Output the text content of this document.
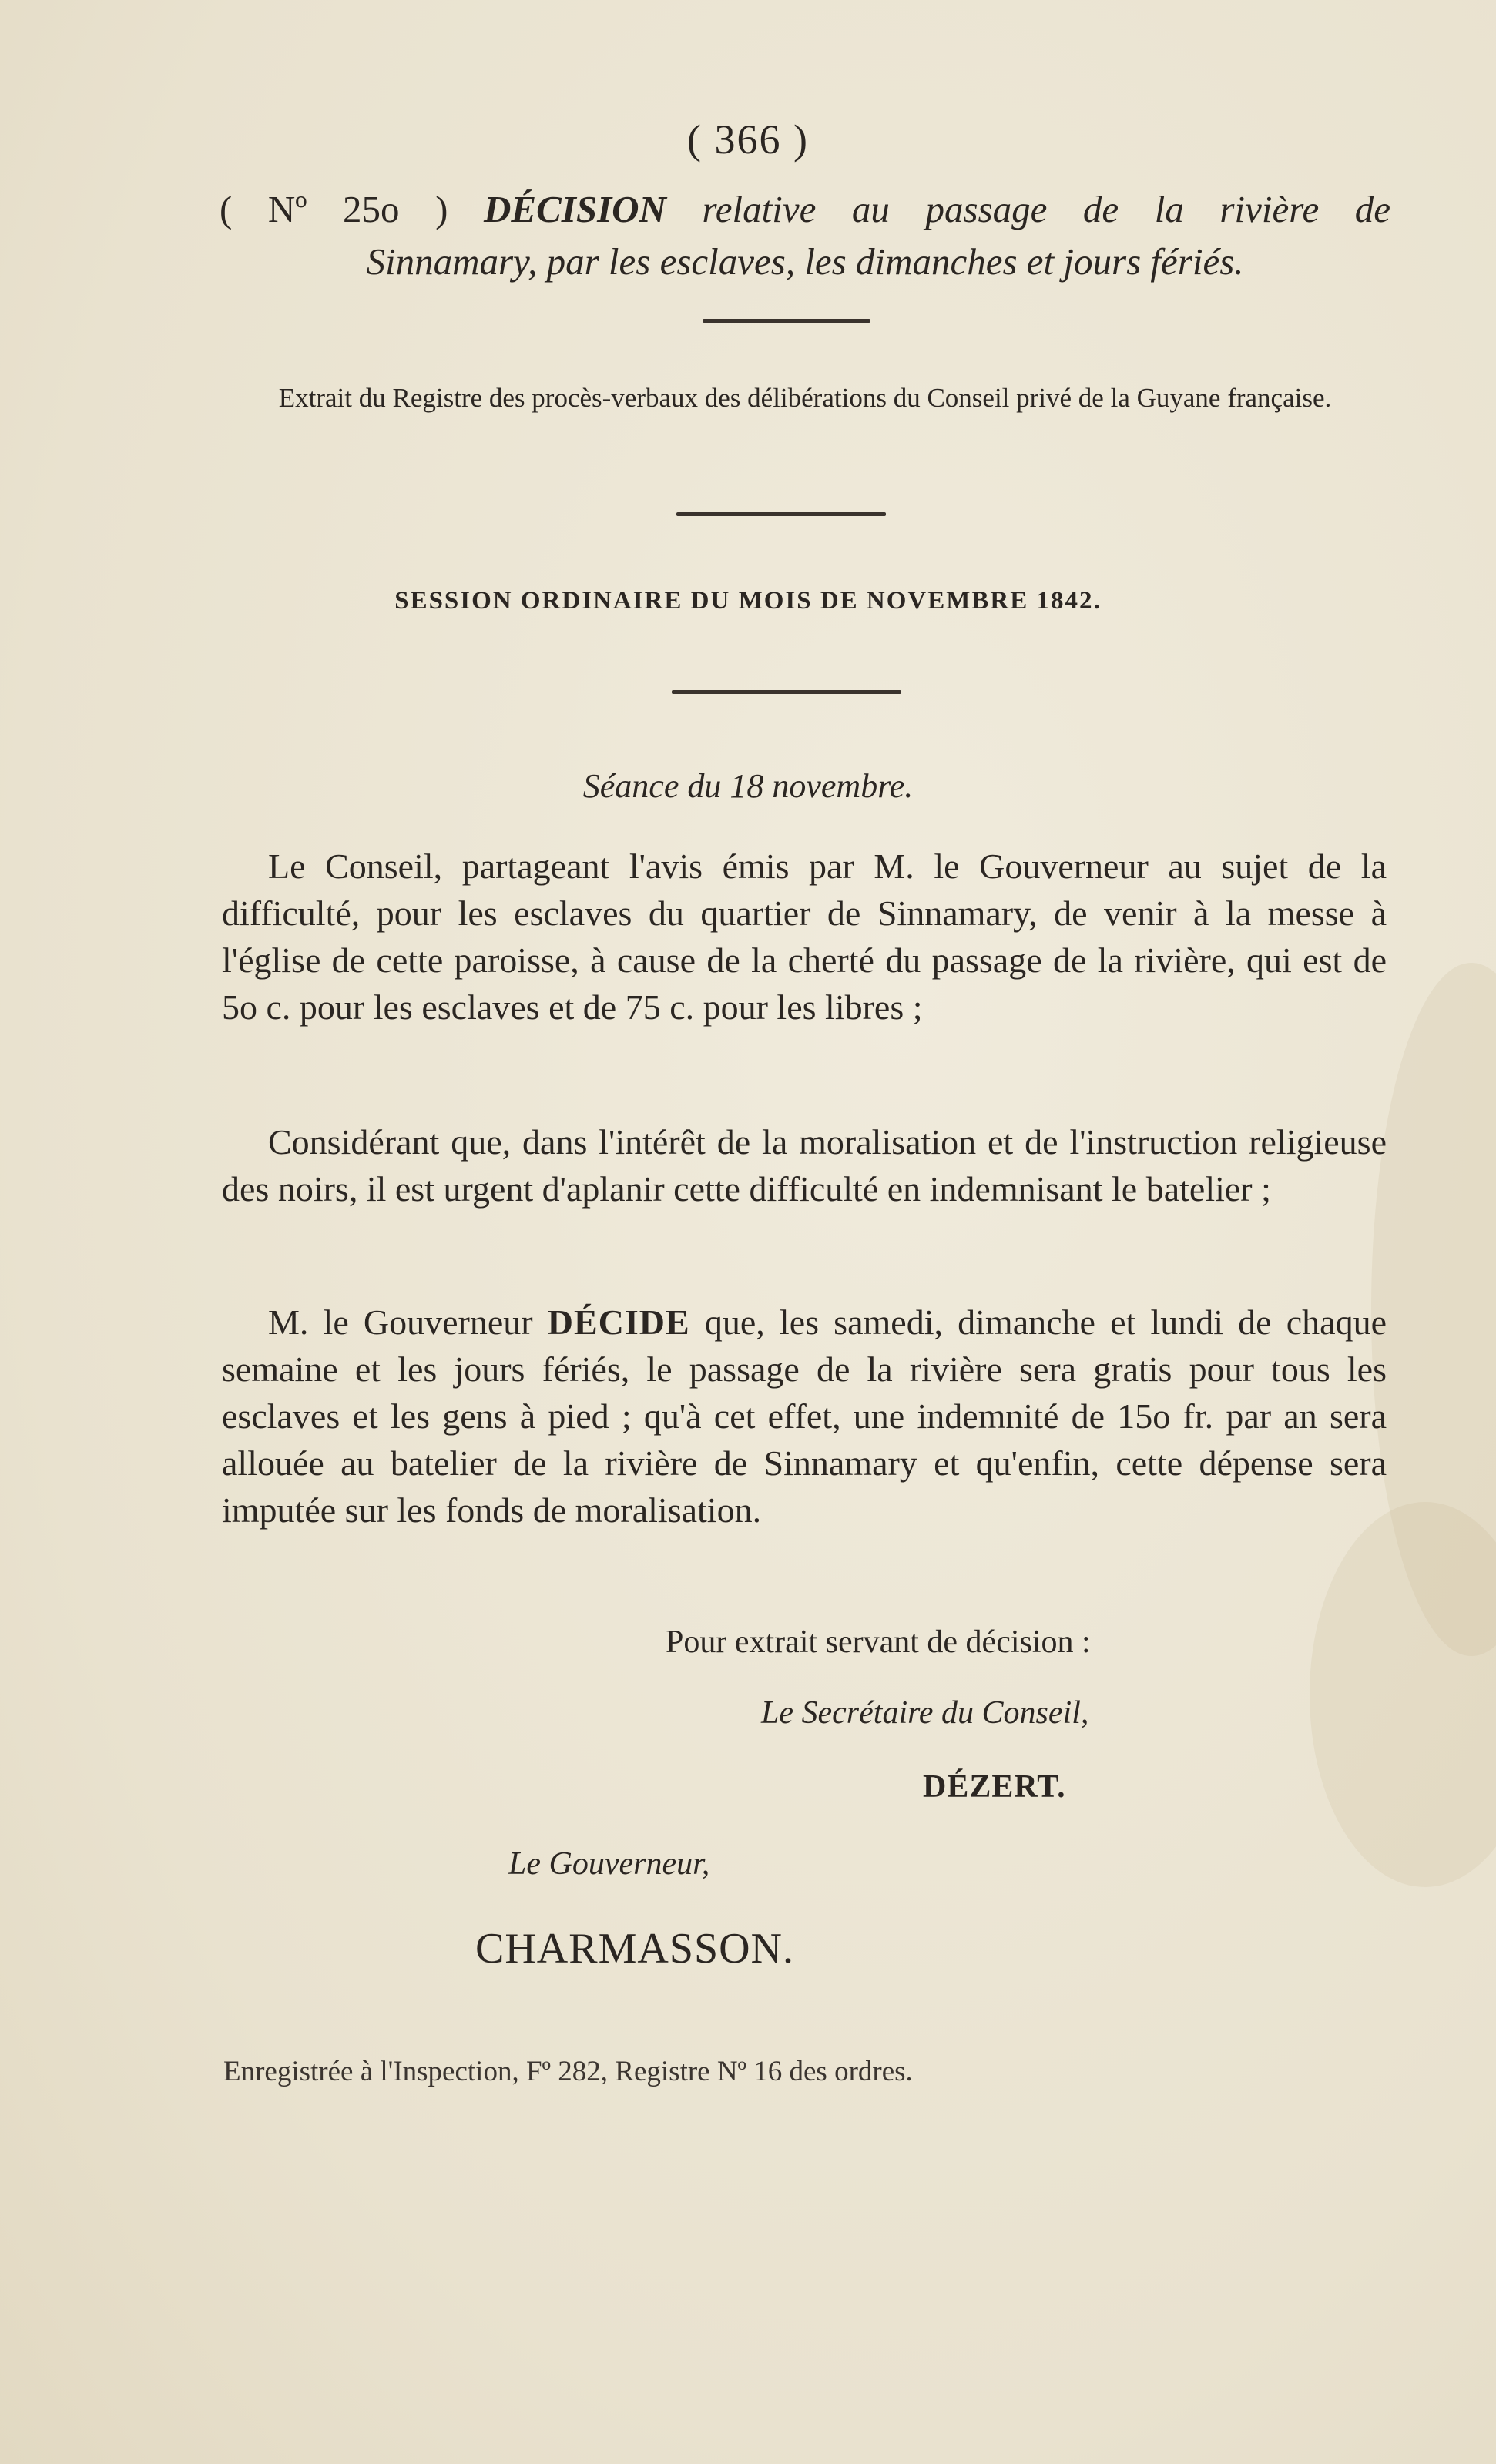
( 366 )
( Nº 25o ) DÉCISION relative au passage de la rivière de
Sinnamary, par les esclaves, les dimanches et jours fériés.
Extrait du Registre des procès-verbaux des délibérations du Conseil privé de la Guyane française.
SESSION ORDINAIRE DU MOIS DE NOVEMBRE 1842.
Séance du 18 novembre.
Le Conseil, partageant l'avis émis par M. le Gouverneur au sujet de la difficulté, pour les esclaves du quartier de Sinnamary, de venir à la messe à l'église de cette paroisse, à cause de la cherté du passage de la rivière, qui est de 5o c. pour les esclaves et de 75 c. pour les libres ;
Considérant que, dans l'intérêt de la moralisation et de l'instruction religieuse des noirs, il est urgent d'aplanir cette difficulté en indemnisant le batelier ;
M. le Gouverneur DÉCIDE que, les samedi, dimanche et lundi de chaque semaine et les jours fériés, le passage de la rivière sera gratis pour tous les esclaves et les gens à pied ; qu'à cet effet, une indemnité de 15o fr. par an sera allouée au batelier de la rivière de Sinnamary et qu'enfin, cette dépense sera imputée sur les fonds de moralisation.
Pour extrait servant de décision :
Le Secrétaire du Conseil,
DÉZERT.
Le Gouverneur,
CHARMASSON.
Enregistrée à l'Inspection, Fº 282, Registre Nº 16 des ordres.
